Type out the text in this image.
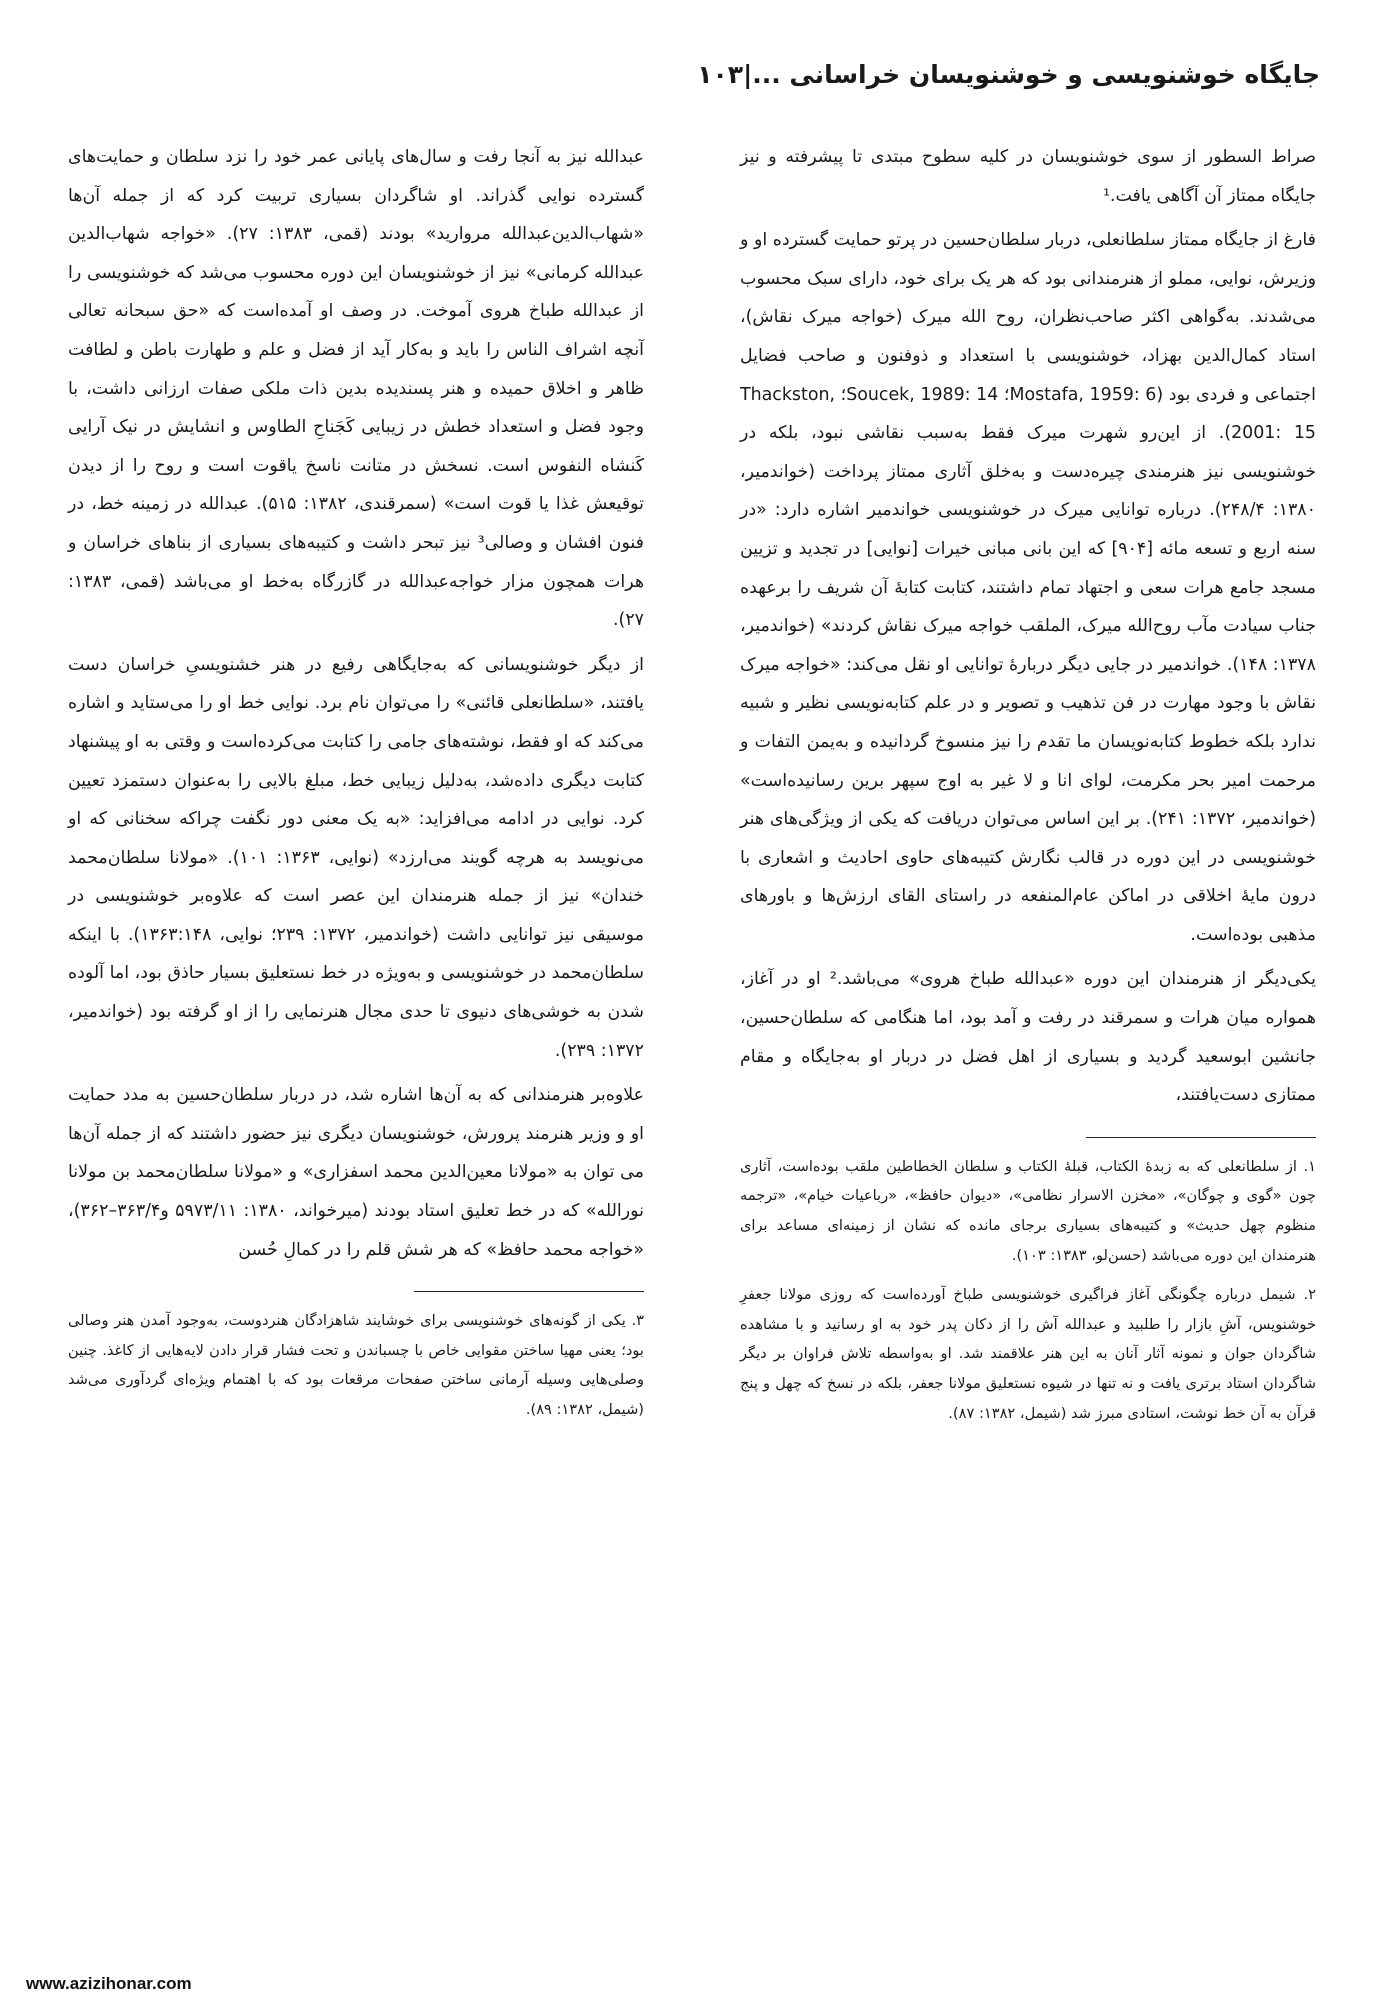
جایگاه خوشنویسی و خوشنویسان خراسانی ...|۱۰۳

صراط السطور از سوی خوشنویسان در کلیه سطوح مبتدی تا پیشرفته و نیز جایگاه ممتاز آن آگاهی یافت.¹

فارغ از جایگاه ممتاز سلطانعلی، دربار سلطان‌حسین در پرتو حمایت گسترده او و وزیرش، نوایی، مملو از هنرمندانی بود که هر یک برای خود، دارای سبک محسوب می‌شدند. به‌گواهی اکثر صاحب‌نظران، روح الله میرک (خواجه میرک نقاش)، استاد کمال‌الدین بهزاد، خوشنویسی با استعداد و ذوفنون و صاحب فضایل اجتماعی و فردی بود (Mostafa, 1959: 6؛ Soucek, 1989: 14؛ Thackston, 2001: 15). از این‌رو شهرت میرک فقط به‌سبب نقاشی نبود، بلکه در خوشنویسی نیز هنرمندی چیره‌دست و به‌خلق آثاری ممتاز پرداخت (خواندمیر، ۱۳۸۰: ۲۴۸/۴). درباره توانایی میرک در خوشنویسی خواندمیر اشاره دارد: «در سنه اربع و تسعه مائه [۹۰۴] که این بانی مبانی خیرات [نوایی] در تجدید و تزیین مسجد جامع هرات سعی و اجتهاد تمام داشتند، کتابت کتابهٔ آن شریف را برعهده جناب سیادت مآب روح‌الله میرک، الملقب خواجه میرک نقاش کردند» (خواندمیر، ۱۳۷۸: ۱۴۸). خواندمیر در جایی دیگر دربارهٔ توانایی او نقل می‌کند: «خواجه میرک نقاش با وجود مهارت در فن تذهیب و تصویر و در علم کتابه‌نویسی نظیر و شبیه ندارد بلکه خطوط کتابه‌نویسان ما تقدم را نیز منسوخ گردانیده و به‌یمن التفات و مرحمت امیر بحر مکرمت، لوای انا و لا غیر به اوج سپهر برین رسانیده‌است» (خواندمیر، ۱۳۷۲: ۲۴۱). بر این اساس می‌توان دریافت که یکی از ویژگی‌های هنر خوشنویسی در این دوره در قالب نگارش کتیبه‌های حاوی احادیث و اشعاری با درون مایهٔ اخلاقی در اماکن عام‌المنفعه در راستای القای ارزش‌ها و باورهای مذهبی بوده‌است.

یکی‌دیگر از هنرمندان این دوره «عبدالله طباخ هروی» می‌باشد.² او در آغاز، همواره میان هرات و سمرقند در رفت و آمد بود، اما هنگامی که سلطان‌حسین، جانشین ابوسعید گردید و بسیاری از اهل فضل در دربار او به‌جایگاه و مقام ممتازی دست‌یافتند،

۱. از سلطانعلی که به زبدهٔ الکتاب، قبلهٔ الکتاب و سلطان الخطاطین ملقب بوده‌است، آثاری چون «گوی و چوگان»، «مخزن الاسرار نظامی»، «دیوان حافظ»، «رباعیات خیام»، «ترجمه منظوم چهل حدیث» و کتیبه‌های بسیاری برجای مانده که نشان از زمینه‌ای مساعد برای هنرمندان این دوره می‌باشد (حسن‌لو، ۱۳۸۳: ۱۰۳).

۲. شیمل درباره چگونگی آغاز فراگیری خوشنویسی طباخ آورده‌است که روزی مولانا جعفرِ خوشنویس، آشِ بازار را طلبید و عبدالله آش را از دکان پدر خود به او رسانید و با مشاهده شاگردان جوان و نمونه آثار آنان به این هنر علاقمند شد. او به‌واسطه تلاش فراوان بر دیگر شاگردان استاد برتری یافت و نه تنها در شیوه نستعلیق مولانا جعفر، بلکه در نسخ که چهل و پنج قرآن به آن خط نوشت، استادی مبرز شد (شیمل، ۱۳۸۲: ۸۷).

عبدالله نیز به آنجا رفت و سال‌های پایانی عمر خود را نزد سلطان و حمایت‌های گسترده نوایی گذراند. او شاگردان بسیاری تربیت کرد که از جمله آن‌ها «شهاب‌الدین‌عبدالله مروارید» بودند (قمی، ۱۳۸۳: ۲۷). «خواجه شهاب‌الدین عبدالله کرمانی» نیز از خوشنویسان این دوره محسوب می‌شد که خوشنویسی را از عبدالله طباخ هروی آموخت. در وصف او آمده‌است که «حق سبحانه تعالی آنچه اشراف الناس را باید و به‌کار آید از فضل و علم و طهارت باطن و لطافت ظاهر و اخلاق حمیده و هنر پسندیده بدین ذات ملکی صفات ارزانی داشت، با وجود فضل و استعداد خطش در زیبایی کَجَناحِ الطاوس و انشایش در نیک آرایی کَنشاه النفوس است. نسخش در متانت ناسخ یاقوت است و روح را از دیدن توقیعش غذا یا قوت است» (سمرقندی، ۱۳۸۲: ۵۱۵). عبدالله در زمینه خط، در فنون افشان و وصالی³ نیز تبحر داشت و کتیبه‌های بسیاری از بناهای خراسان و هرات همچون مزار خواجه‌عبدالله در گازرگاه به‌خط او می‌باشد (قمی، ۱۳۸۳: ۲۷).

از دیگر خوشنویسانی که به‌جایگاهی رفیع در هنر خشنویسیِ خراسان دست یافتند، «سلطانعلی قائنی» را می‌توان نام برد. نوایی خط او را می‌ستاید و اشاره می‌کند که او فقط، نوشته‌های جامی را کتابت می‌کرده‌است و وقتی به او پیشنهاد کتابت دیگری داده‌شد، به‌دلیل زیبایی خط، مبلغ بالایی را به‌عنوان دستمزد تعیین کرد. نوایی در ادامه می‌افزاید: «به یک معنی دور نگفت چراکه سخنانی که او می‌نویسد به هرچه گویند می‌ارزد» (نوایی، ۱۳۶۳: ۱۰۱). «مولانا سلطان‌محمد خندان» نیز از جمله هنرمندان این عصر است که علاوه‌بر خوشنویسی در موسیقی نیز توانایی داشت (خواندمیر، ۱۳۷۲: ۲۳۹؛ نوایی، ۱۳۶۳:۱۴۸). با اینکه سلطان‌محمد در خوشنویسی و به‌ویژه در خط نستعلیق بسیار حاذق بود، اما آلوده شدن به خوشی‌های دنیوی تا حدی مجال هنرنمایی را از او گرفته بود (خواندمیر، ۱۳۷۲: ۲۳۹).

علاوه‌بر هنرمندانی که به آن‌ها اشاره شد، در دربار سلطان‌حسین به مدد حمایت او و وزیر هنرمند پرورش، خوشنویسان دیگری نیز حضور داشتند که از جمله آن‌ها می توان به «مولانا معین‌الدین محمد اسفزاری» و «مولانا سلطان‌محمد بن مولانا نورالله» که در خط تعلیق استاد بودند (میرخواند، ۱۳۸۰: ۵۹۷۳/۱۱ و۳۶۳/۴–۳۶۲)، «خواجه محمد حافظ» که هر شش قلم را در کمالِ حُسن

۳. یکی از گونه‌های خوشنویسی برای خوشایند شاهزادگان هنردوست، به‌وجود آمدن هنر وصالی بود؛ یعنی مهیا ساختن مقوایی خاص با چسباندن و تحت فشار قرار دادن لایه‌هایی از کاغذ. چنین وصلی‌هایی وسیله آرمانی ساختن صفحات مرقعات بود که با اهتمام ویژه‌ای گردآوری می‌شد (شیمل، ۱۳۸۲: ۸۹).

www.azizihonar.com
